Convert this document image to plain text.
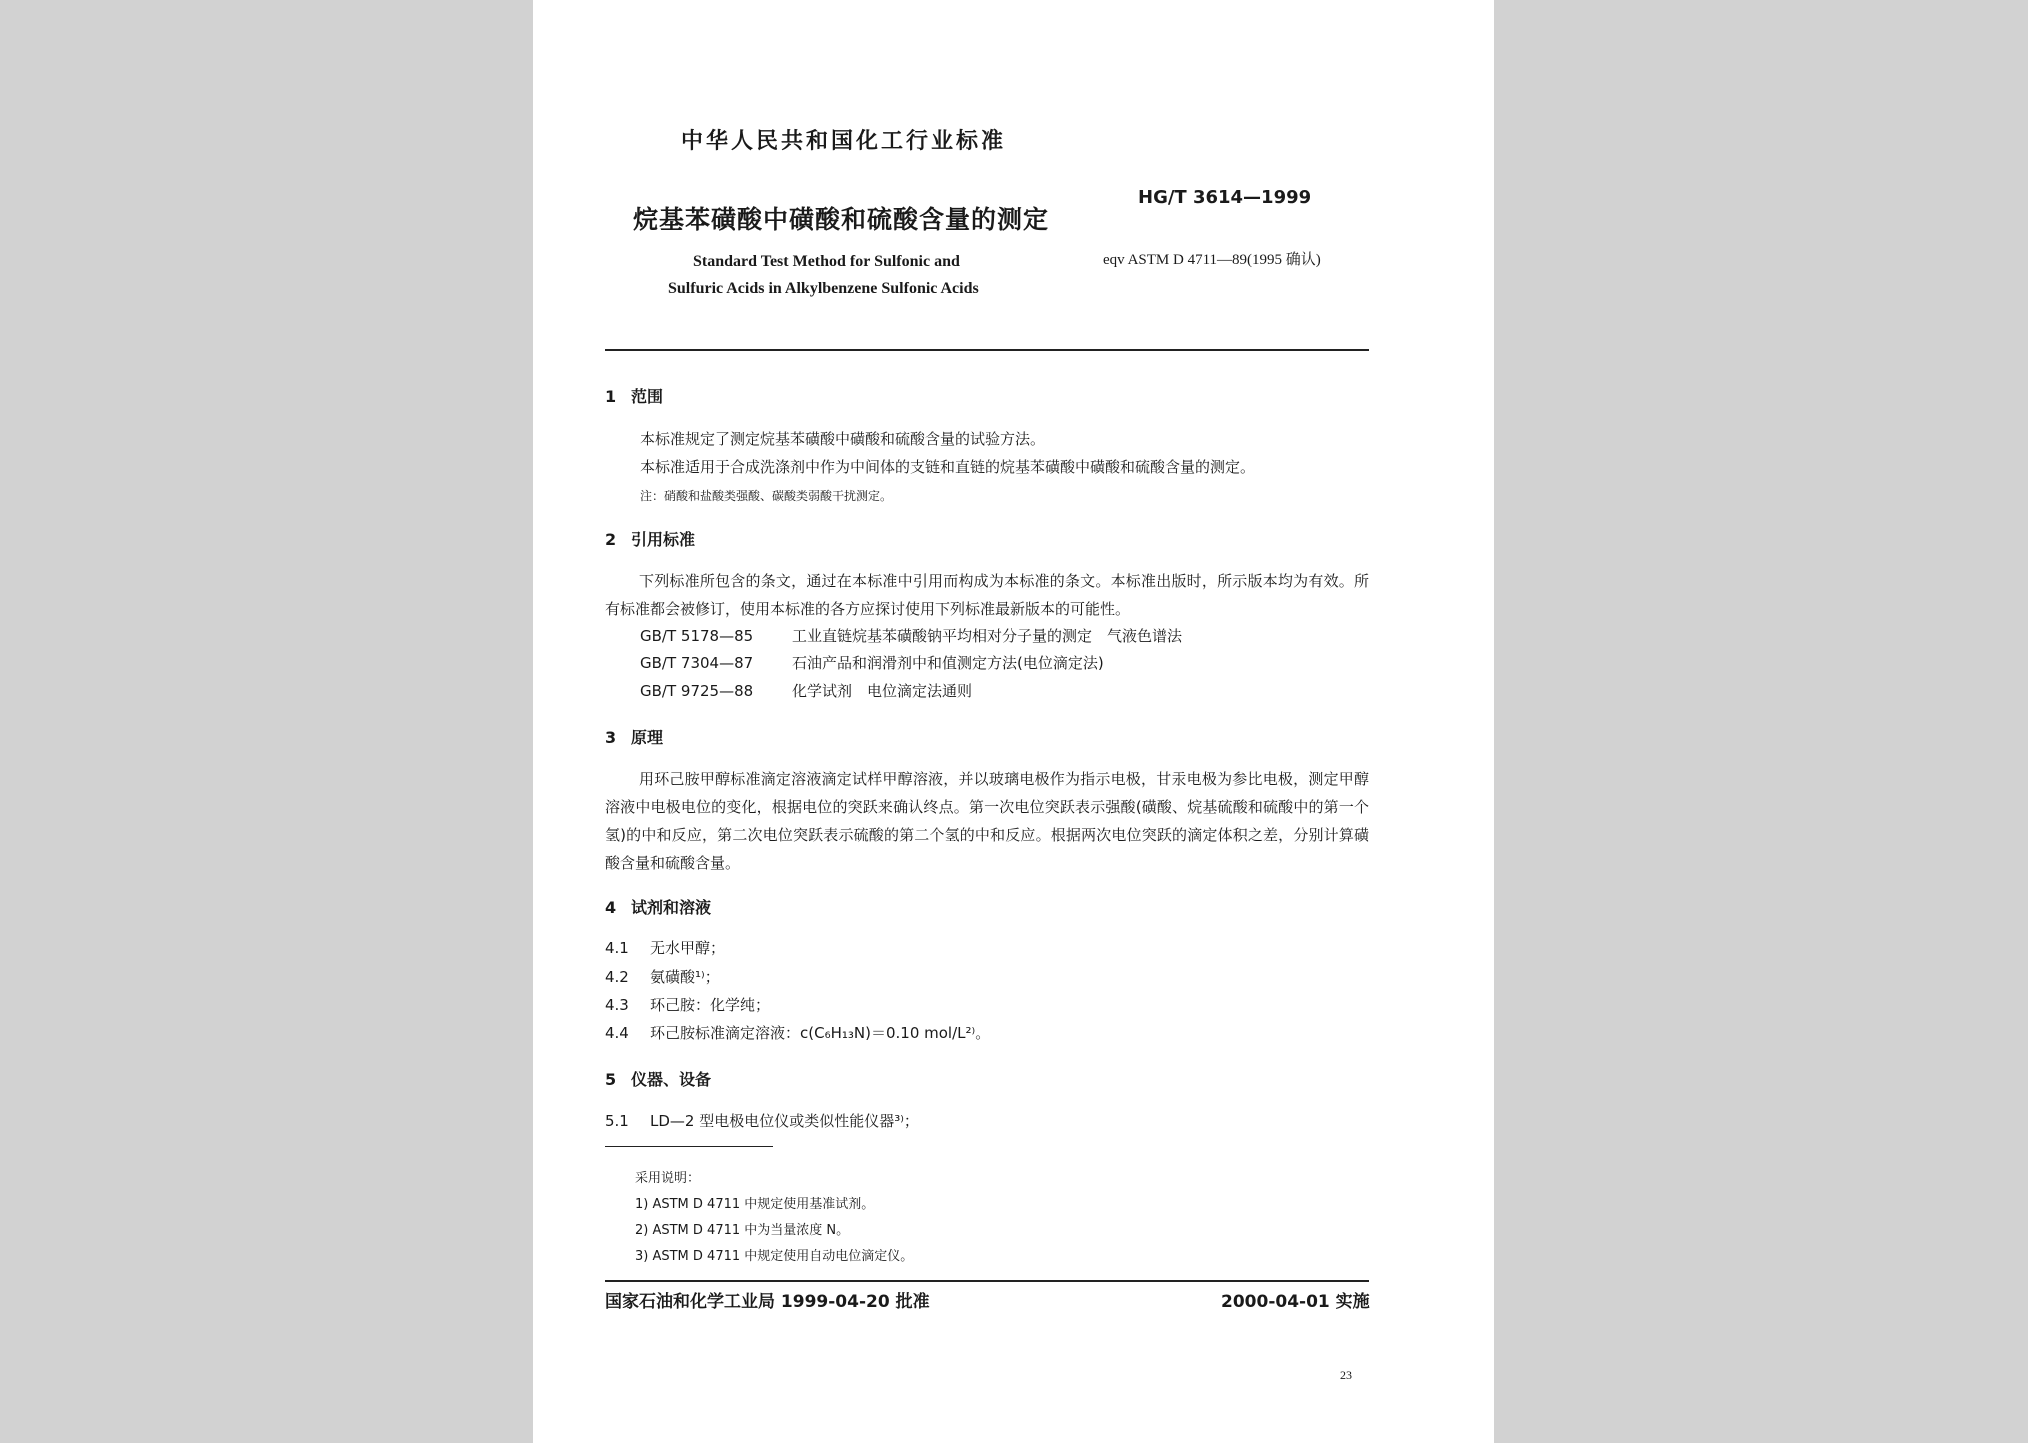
中华人民共和国化工行业标准
HG/T 3614—1999
烷基苯磺酸中磺酸和硫酸含量的测定
Standard Test Method for Sulfonic and
Sulfuric Acids in Alkylbenzene Sulfonic Acids
eqv ASTM D 4711—89(1995 确认)
1 范围
本标准规定了测定烷基苯磺酸中磺酸和硫酸含量的试验方法。
本标准适用于合成洗涤剂中作为中间体的支链和直链的烷基苯磺酸中磺酸和硫酸含量的测定。
注：硝酸和盐酸类强酸、碳酸类弱酸干扰测定。
2 引用标准
下列标准所包含的条文，通过在本标准中引用而构成为本标准的条文。本标准出版时，所示版本均为有效。所有标准都会被修订，使用本标准的各方应探讨使用下列标准最新版本的可能性。
GB/T 5178—85	工业直链烷基苯磺酸钠平均相对分子量的测定　气液色谱法
GB/T 7304—87	石油产品和润滑剂中和值测定方法(电位滴定法)
GB/T 9725—88	化学试剂　电位滴定法通则
3 原理
用环己胺甲醇标准滴定溶液滴定试样甲醇溶液，并以玻璃电极作为指示电极，甘汞电极为参比电极，测定甲醇溶液中电极电位的变化，根据电位的突跃来确认终点。第一次电位突跃表示强酸(磺酸、烷基硫酸和硫酸中的第一个氢)的中和反应，第二次电位突跃表示硫酸的第二个氢的中和反应。根据两次电位突跃的滴定体积之差，分别计算磺酸含量和硫酸含量。
4 试剂和溶液
4.1 无水甲醇；
4.2 氨磺酸¹⁾；
4.3 环己胺：化学纯；
4.4 环己胺标准滴定溶液：c(C₆H₁₃N)＝0.10 mol/L²⁾。
5 仪器、设备
5.1 LD—2 型电极电位仪或类似性能仪器³⁾；
采用说明：
1) ASTM D 4711 中规定使用基准试剂。
2) ASTM D 4711 中为当量浓度 N。
3) ASTM D 4711 中规定使用自动电位滴定仪。
国家石油和化学工业局 1999-04-20 批准	2000-04-01 实施
23
